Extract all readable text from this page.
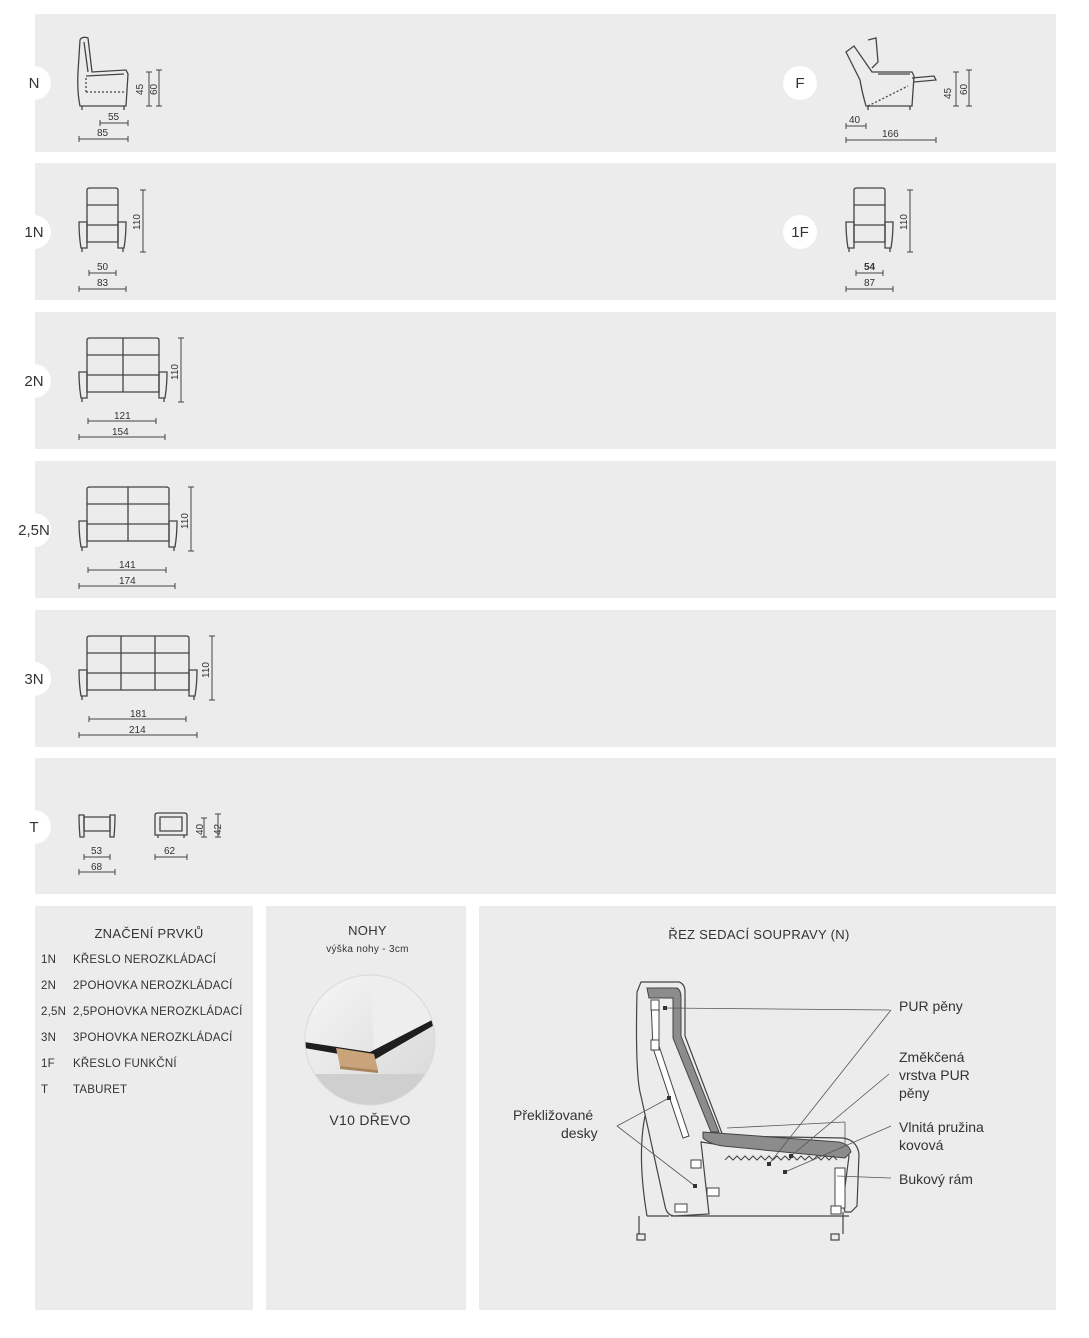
N	F
45 60
55
85
45 60
40
166
1N	1F
110
50
83
110
54
87
2N
110
121
154
2,5N
110
141
174
3N
110
181
214
T	40 42
53
68
62
ZNAČENÍ PRVKŮ
1N	KŘESLO NEROZKLÁDACÍ
2N	2POHOVKA NEROZKLÁDACÍ
2,5N 2,5POHOVKA NEROZKLÁDACÍ
3N	3POHOVKA NEROZKLÁDACÍ
1F	KŘESLO FUNKČNÍ
T	TABURET
NOHY
výška nohy - 3cm
V10 DŘEVO
ŘEZ SEDACÍ SOUPRAVY (N)
PUR pěny
Změkčená
vrstva PUR
pěny
Vlnitá pružina
kovová
Bukový rám
Překližované
desky
